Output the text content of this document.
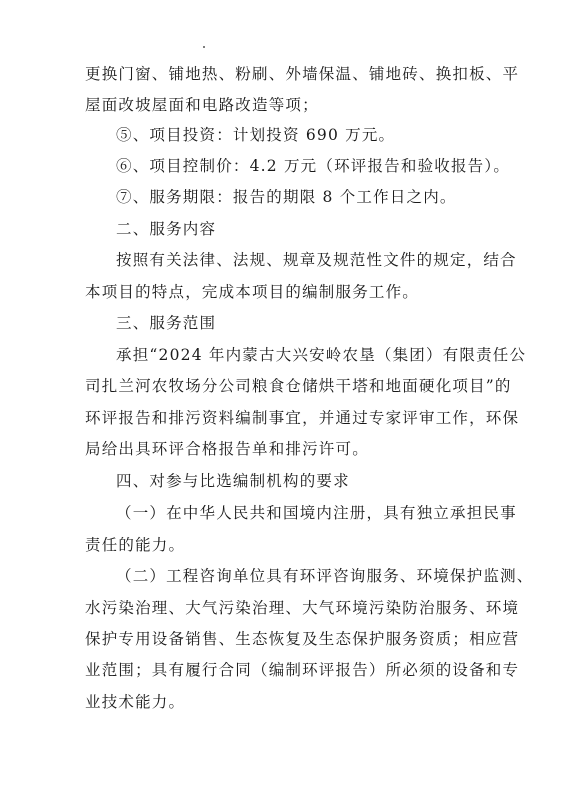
更换门窗、铺地热、粉刷、外墙保温、铺地砖、换扣板、平
屋面改坡屋面和电路改造等项；
⑤、项目投资：计划投资 690 万元。
⑥、项目控制价：4.2 万元（环评报告和验收报告）。
⑦、服务期限：报告的期限 8 个工作日之内。
二、服务内容
按照有关法律、法规、规章及规范性文件的规定，结合
本项目的特点，完成本项目的编制服务工作。
三、服务范围
承担“2024 年内蒙古大兴安岭农垦（集团）有限责任公
司扎兰河农牧场分公司粮食仓储烘干塔和地面硬化项目”的
环评报告和排污资料编制事宜，并通过专家评审工作，环保
局给出具环评合格报告单和排污许可。
四、对参与比选编制机构的要求
（一）在中华人民共和国境内注册，具有独立承担民事
责任的能力。
（二）工程咨询单位具有环评咨询服务、环境保护监测、
水污染治理、大气污染治理、大气环境污染防治服务、环境
保护专用设备销售、生态恢复及生态保护服务资质；相应营
业范围；具有履行合同（编制环评报告）所必须的设备和专
业技术能力。
